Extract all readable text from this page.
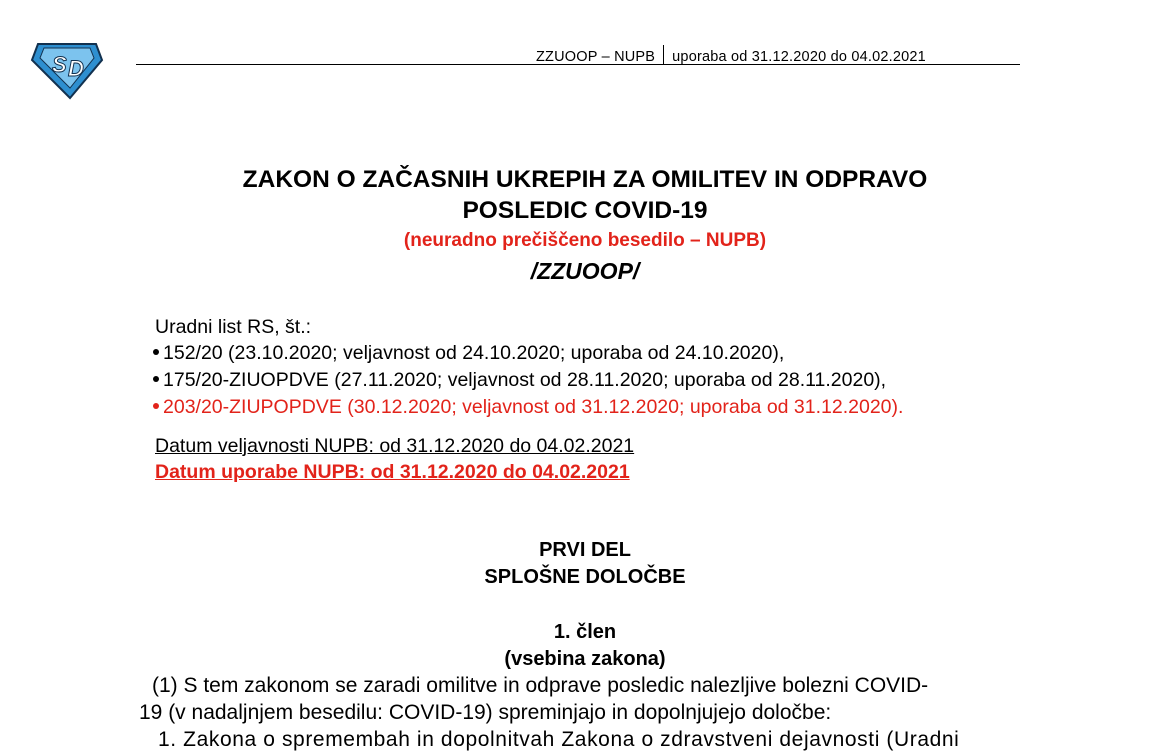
S D	ZZUOOP – NUPB uporaba od 31.12.2020 do 04.02.2021
ZAKON O ZAČASNIH UKREPIH ZA OMILITEV IN ODPRAVO
POSLEDIC COVID-19
(neuradno prečiščeno besedilo – NUPB)
/ZZUOOP/
Uradni list RS, št.:
152/20 (23.10.2020; veljavnost od 24.10.2020; uporaba od 24.10.2020),
175/20-ZIUOPDVE (27.11.2020; veljavnost od 28.11.2020; uporaba od 28.11.2020),
203/20-ZIUPOPDVE (30.12.2020; veljavnost od 31.12.2020; uporaba od 31.12.2020).
Datum veljavnosti NUPB: od 31.12.2020 do 04.02.2021
Datum uporabe NUPB: od 31.12.2020 do 04.02.2021
PRVI DEL
SPLOŠNE DOLOČBE
1. člen
(vsebina zakona)
(1) S tem zakonom se zaradi omilitve in odprave posledic nalezljive bolezni COVID-
19 (v nadaljnjem besedilu: COVID-19) spreminjajo in dopolnjujejo določbe:
1. Zakona o spremembah in dopolnitvah Zakona o zdravstveni dejavnosti (Uradni
